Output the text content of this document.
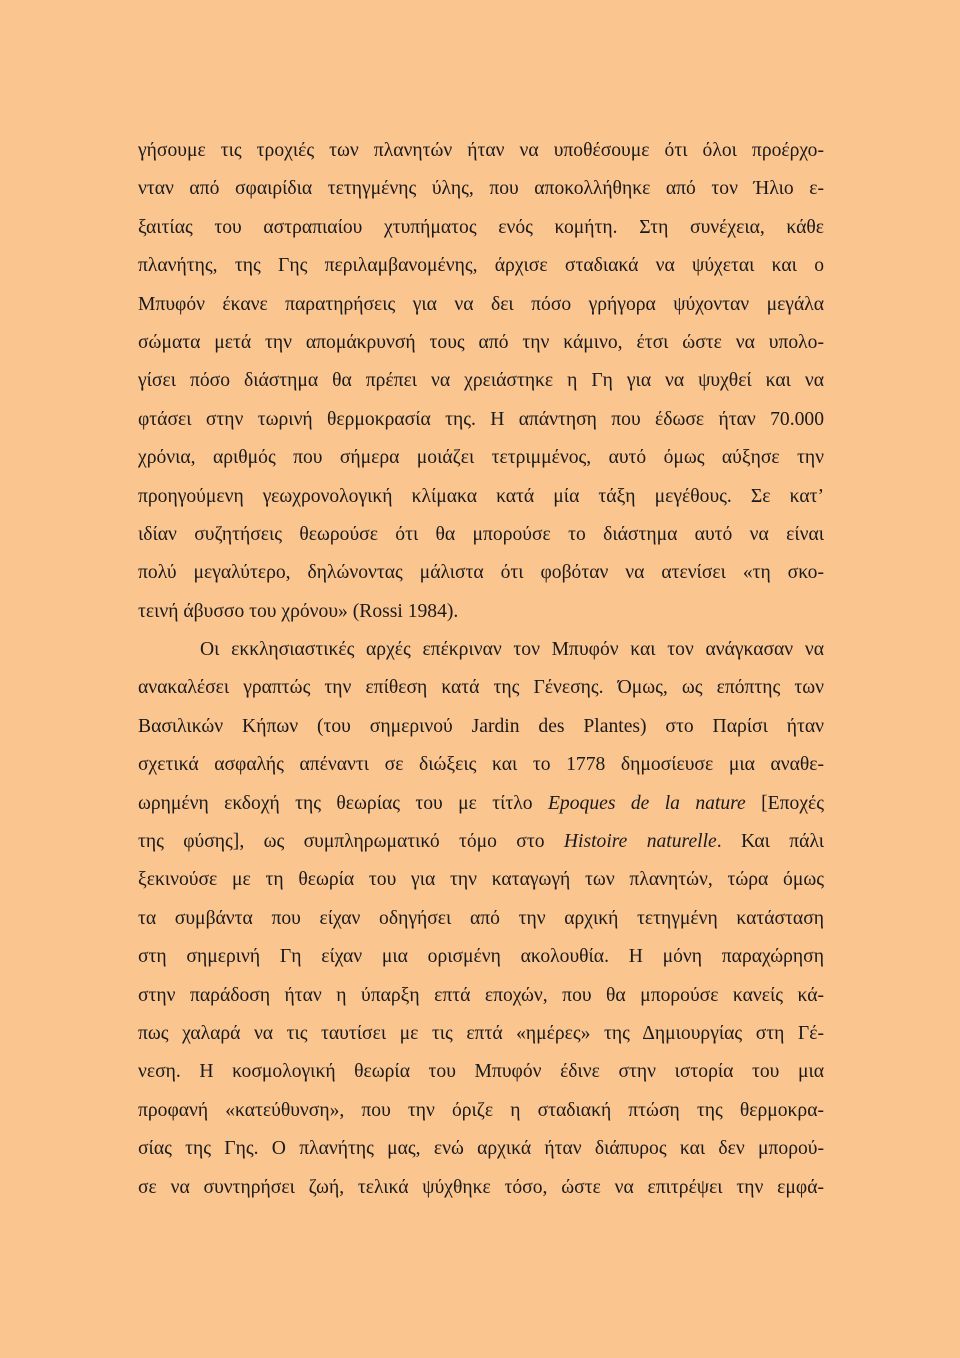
γήσουμε τις τροχιές των πλανητών ήταν να υποθέσουμε ότι όλοι προέρχο-
νταν από σφαιρίδια τετηγμένης ύλης, που αποκολλήθηκε από τον Ήλιο ε-
ξαιτίας του αστραπιαίου χτυπήματος ενός κομήτη. Στη συνέχεια, κάθε
πλανήτης, της Γης περιλαμβανομένης, άρχισε σταδιακά να ψύχεται και ο
Μπυφόν έκανε παρατηρήσεις για να δει πόσο γρήγορα ψύχονταν μεγάλα
σώματα μετά την απομάκρυνσή τους από την κάμινο, έτσι ώστε να υπολο-
γίσει πόσο διάστημα θα πρέπει να χρειάστηκε η Γη για να ψυχθεί και να
φτάσει στην τωρινή θερμοκρασία της. Η απάντηση που έδωσε ήταν 70.000
χρόνια, αριθμός που σήμερα μοιάζει τετριμμένος, αυτό όμως αύξησε την
προηγούμενη γεωχρονολογική κλίμακα κατά μία τάξη μεγέθους. Σε κατ’
ιδίαν συζητήσεις θεωρούσε ότι θα μπορούσε το διάστημα αυτό να είναι
πολύ μεγαλύτερο, δηλώνοντας μάλιστα ότι φοβόταν να ατενίσει «τη σκο-
τεινή άβυσσο του χρόνου» (Rossi 1984).
Οι εκκλησιαστικές αρχές επέκριναν τον Μπυφόν και τον ανάγκασαν να
ανακαλέσει γραπτώς την επίθεση κατά της Γένεσης. Όμως, ως επόπτης των
Βασιλικών Κήπων (του σημερινού Jardin des Plantes) στο Παρίσι ήταν
σχετικά ασφαλής απέναντι σε διώξεις και το 1778 δημοσίευσε μια αναθε-
ωρημένη εκδοχή της θεωρίας του με τίτλο Epoques de la nature [Εποχές
της φύσης], ως συμπληρωματικό τόμο στο Histoire naturelle. Και πάλι
ξεκινούσε με τη θεωρία του για την καταγωγή των πλανητών, τώρα όμως
τα συμβάντα που είχαν οδηγήσει από την αρχική τετηγμένη κατάσταση
στη σημερινή Γη είχαν μια ορισμένη ακολουθία. Η μόνη παραχώρηση
στην παράδοση ήταν η ύπαρξη επτά εποχών, που θα μπορούσε κανείς κά-
πως χαλαρά να τις ταυτίσει με τις επτά «ημέρες» της Δημιουργίας στη Γέ-
νεση. Η κοσμολογική θεωρία του Μπυφόν έδινε στην ιστορία του μια
προφανή «κατεύθυνση», που την όριζε η σταδιακή πτώση της θερμοκρα-
σίας της Γης. Ο πλανήτης μας, ενώ αρχικά ήταν διάπυρος και δεν μπορού-
σε να συντηρήσει ζωή, τελικά ψύχθηκε τόσο, ώστε να επιτρέψει την εμφά-
